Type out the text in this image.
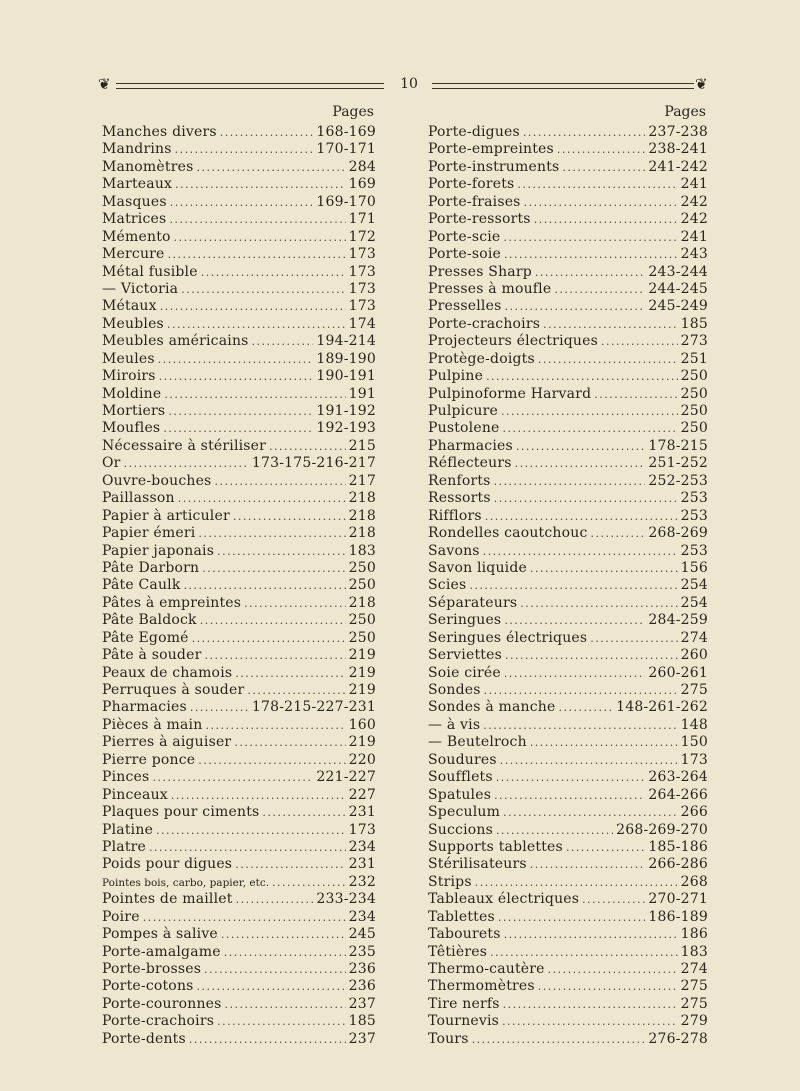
❦	10	❦
Pages
Manches divers .....	168-169
Mandrins .....	170-171
Manomètres .....	284
Marteaux .....	169
Masques .....	169-170
Matrices .....	171
Mémento .....	172
Mercure .....	173
Métal fusible .....	173
— Victoria .....	173
Métaux .....	173
Meubles .....	174
Meubles américains .....	194-214
Meules .....	189-190
Miroirs .....	190-191
Moldine .....	191
Mortiers .....	191-192
Moufles .....	192-193
Nécessaire à stériliser .....	215
Or .....	173-175-216-217
Ouvre-bouches .....	217
Paillasson .....	218
Papier à articuler .....	218
Papier émeri .....	218
Papier japonais .....	183
Pâte Darborn .....	250
Pâte Caulk .....	250
Pâtes à empreintes .....	218
Pâte Baldock .....	250
Pâte Egomé .....	250
Pâte à souder .....	219
Peaux de chamois .....	219
Perruques à souder .....	219
Pharmacies .....	178-215-227-231
Pièces à main .....	160
Pierres à aiguiser .....	219
Pierre ponce .....	220
Pinces .....	221-227
Pinceaux .....	227
Plaques pour ciments .....	231
Platine .....	173
Platre .....	234
Poids pour digues .....	231
Pointes bois, carbo, papier, etc. .....	232
Pointes de maillet .....	233-234
Poire .....	234
Pompes à salive .....	245
Porte-amalgame .....	235
Porte-brosses .....	236
Porte-cotons .....	236
Porte-couronnes .....	237
Porte-crachoirs .....	185
Porte-dents .....	237
Pages
Porte-digues .....	237-238
Porte-empreintes .....	238-241
Porte-instruments .....	241-242
Porte-forets .....	241
Porte-fraises .....	242
Porte-ressorts .....	242
Porte-scie .....	241
Porte-soie .....	243
Presses Sharp .....	243-244
Presses à moufle .....	244-245
Presselles .....	245-249
Porte-crachoirs .....	185
Projecteurs électriques .....	273
Protège-doigts .....	251
Pulpine .....	250
Pulpinoforme Harvard .....	250
Pulpicure .....	250
Pustolene .....	250
Pharmacies .....	178-215
Réflecteurs .....	251-252
Renforts .....	252-253
Ressorts .....	253
Rifflors .....	253
Rondelles caoutchouc .....	268-269
Savons .....	253
Savon liquide .....	156
Scies .....	254
Séparateurs .....	254
Seringues .....	284-259
Seringues électriques .....	274
Serviettes .....	260
Soie cirée .....	260-261
Sondes .....	275
Sondes à manche .....	148-261-262
— à vis .....	148
— Beutelroch .....	150
Soudures .....	173
Soufflets .....	263-264
Spatules .....	264-266
Speculum .....	266
Succions .....	268-269-270
Supports tablettes .....	185-186
Stérilisateurs .....	266-286
Strips .....	268
Tableaux électriques .....	270-271
Tablettes .....	186-189
Tabourets .....	186
Têtières .....	183
Thermo-cautère .....	274
Thermomètres .....	275
Tire nerfs .....	275
Tournevis .....	279
Tours .....	276-278
